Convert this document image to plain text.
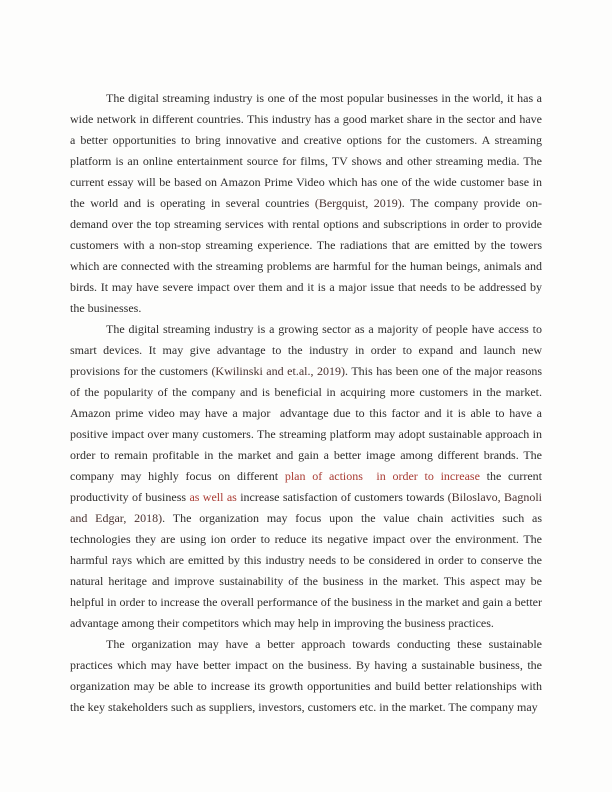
The digital streaming industry is one of the most popular businesses in the world, it has a wide network in different countries. This industry has a good market share in the sector and have a better opportunities to bring innovative and creative options for the customers. A streaming platform is an online entertainment source for films, TV shows and other streaming media. The current essay will be based on Amazon Prime Video which has one of the wide customer base in the world and is operating in several countries (Bergquist, 2019). The company provide on-demand over the top streaming services with rental options and subscriptions in order to provide customers with a non-stop streaming experience. The radiations that are emitted by the towers which are connected with the streaming problems are harmful for the human beings, animals and birds. It may have severe impact over them and it is a major issue that needs to be addressed by the businesses.

The digital streaming industry is a growing sector as a majority of people have access to smart devices. It may give advantage to the industry in order to expand and launch new provisions for the customers (Kwilinski and et.al., 2019). This has been one of the major reasons of the popularity of the company and is beneficial in acquiring more customers in the market. Amazon prime video may have a major  advantage due to this factor and it is able to have a positive impact over many customers. The streaming platform may adopt sustainable approach in order to remain profitable in the market and gain a better image among different brands. The company may highly focus on different plan of actions  in order to increase the current productivity of business as well as increase satisfaction of customers towards (Biloslavo, Bagnoli and Edgar, 2018). The organization may focus upon the value chain activities such as technologies they are using ion order to reduce its negative impact over the environment. The harmful rays which are emitted by this industry needs to be considered in order to conserve the natural heritage and improve sustainability of the business in the market. This aspect may be helpful in order to increase the overall performance of the business in the market and gain a better advantage among their competitors which may help in improving the business practices.

The organization may have a better approach towards conducting these sustainable practices which may have better impact on the business. By having a sustainable business, the organization may be able to increase its growth opportunities and build better relationships with the key stakeholders such as suppliers, investors, customers etc. in the market. The company may
